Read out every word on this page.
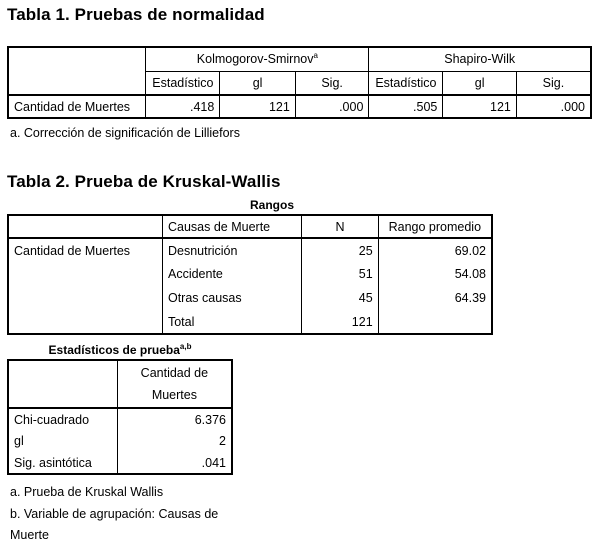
Tabla 1. Pruebas de normalidad
	Kolmogorov-Smirnov$^a$			Shapiro-Wilk		
	Estadístico	gl	Sig.	Estadístico	gl	Sig.
Cantidad de Muertes	.418	121	.000	.505	121	.000
a. Corrección de significación de Lilliefors
Tabla 2. Prueba de Kruskal-Wallis
Rangos
	Causas de Muerte	N	Rango promedio
Cantidad de Muertes	Desnutrición	25	69.02
	Accidente	51	54.08
	Otras causas	45	64.39
	Total	121	
Estadísticos de prueba$^{a,b}$

	Cantidad de
Muertes

Chi-cuadrado	6.376
gl	2
Sig. asintótica	.041
a. Prueba de Kruskal Wallis
b. Variable de agrupación: Causas de
Muerte
